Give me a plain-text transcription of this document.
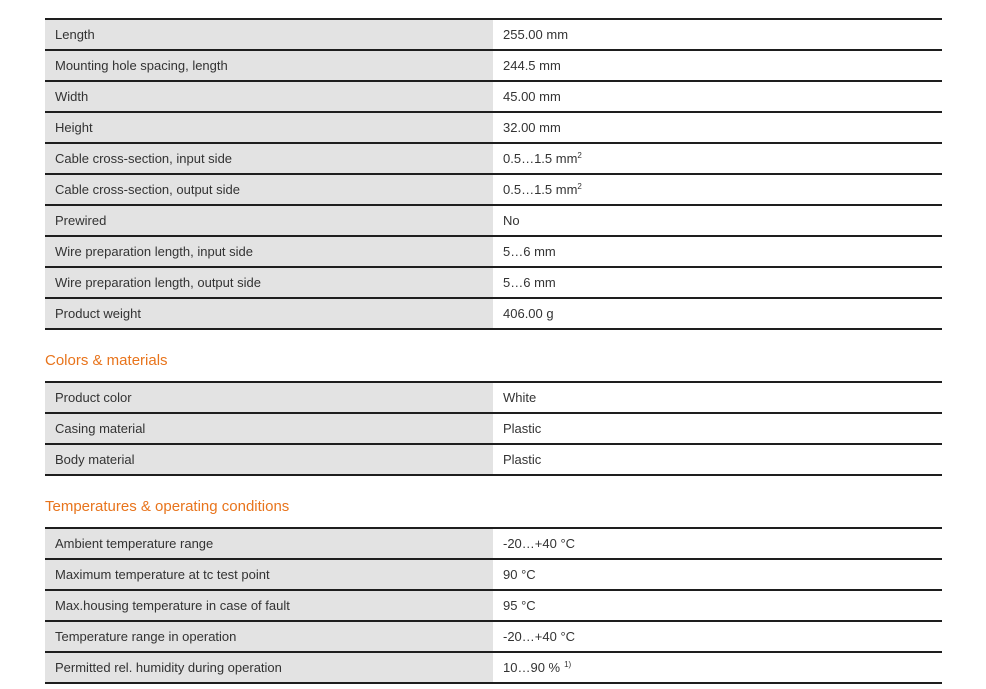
Length	255.00 mm
Mounting hole spacing, length	244.5 mm
Width	45.00 mm
Height	32.00 mm
Cable cross-section, input side	0.5…1.5 $mm^2$
Cable cross-section, output side	0.5…1.5 $mm^2$
Prewired	No
Wire preparation length, input side	5…6 mm
Wire preparation length, output side	5…6 mm
Product weight	406.00 g
Colors & materials
Product color	White
Casing material	Plastic
Body material	Plastic
Temperatures & operating conditions
Ambient temperature range	-20…+40 °C
Maximum temperature at tc test point	90 °C
Max.housing temperature in case of fault	95 °C
Temperature range in operation	-20…+40 °C
Permitted rel. humidity during operation	10…90 % $^{1)}$
